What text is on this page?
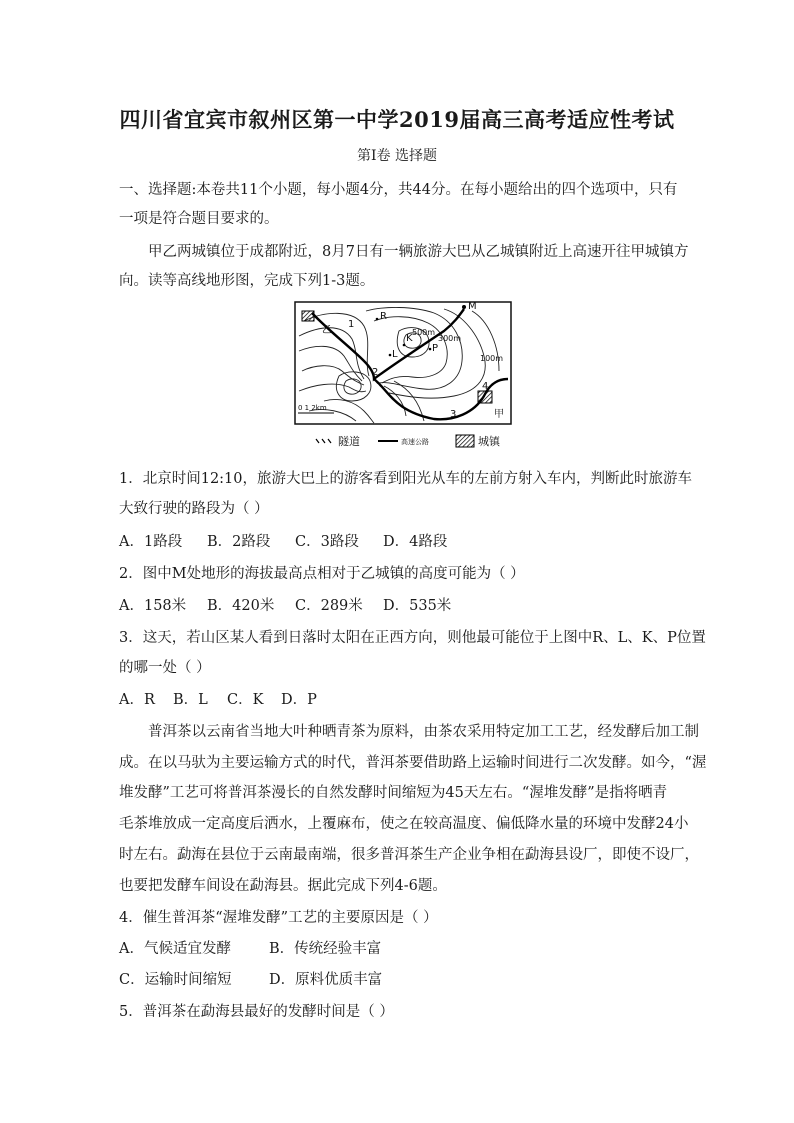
四川省宜宾市叙州区第一中学2019届高三高考适应性考试
第I卷 选择题
一、选择题:本卷共11个小题，每小题4分，共44分。在每小题给出的四个选项中，只有
一项是符合题目要求的。
甲乙两城镇位于成都附近，8月7日有一辆旅游大巴从乙城镇附近上高速开往甲城镇方
向。读等高线地形图，完成下列1-3题。
M
R
K
L
P
500m
300m
100m
乙
甲
1
2
3
4
0 1 2km
隧道	高速公路	城镇
1．北京时间12:10，旅游大巴上的游客看到阳光从车的左前方射入车内，判断此时旅游车
大致行驶的路段为（ ）
A．1路段 B．2路段 C．3路段 D．4路段
2．图中M处地形的海拔最高点相对于乙城镇的高度可能为（ ）
A．158米 B．420米 C．289米 D．535米
3．这天，若山区某人看到日落时太阳在正西方向，则他最可能位于上图中R、L、K、P位置
的哪一处（ ）
A．R B．L C．K D．P
普洱茶以云南省当地大叶种晒青茶为原料，由茶农采用特定加工工艺，经发酵后加工制
成。在以马驮为主要运输方式的时代，普洱茶要借助路上运输时间进行二次发酵。如今，“渥
堆发酵”工艺可将普洱茶漫长的自然发酵时间缩短为45天左右。“渥堆发酵”是指将晒青
毛茶堆放成一定高度后洒水，上覆麻布，使之在较高温度、偏低降水量的环境中发酵24小
时左右。勐海在县位于云南最南端，很多普洱茶生产企业争相在勐海县设厂，即使不设厂，
也要把发酵车间设在勐海县。据此完成下列4-6题。
4．催生普洱茶“渥堆发酵”工艺的主要原因是（ ）
A．气候适宜发酵	B．传统经验丰富
C．运输时间缩短	D．原料优质丰富
5．普洱茶在勐海县最好的发酵时间是（ ）
